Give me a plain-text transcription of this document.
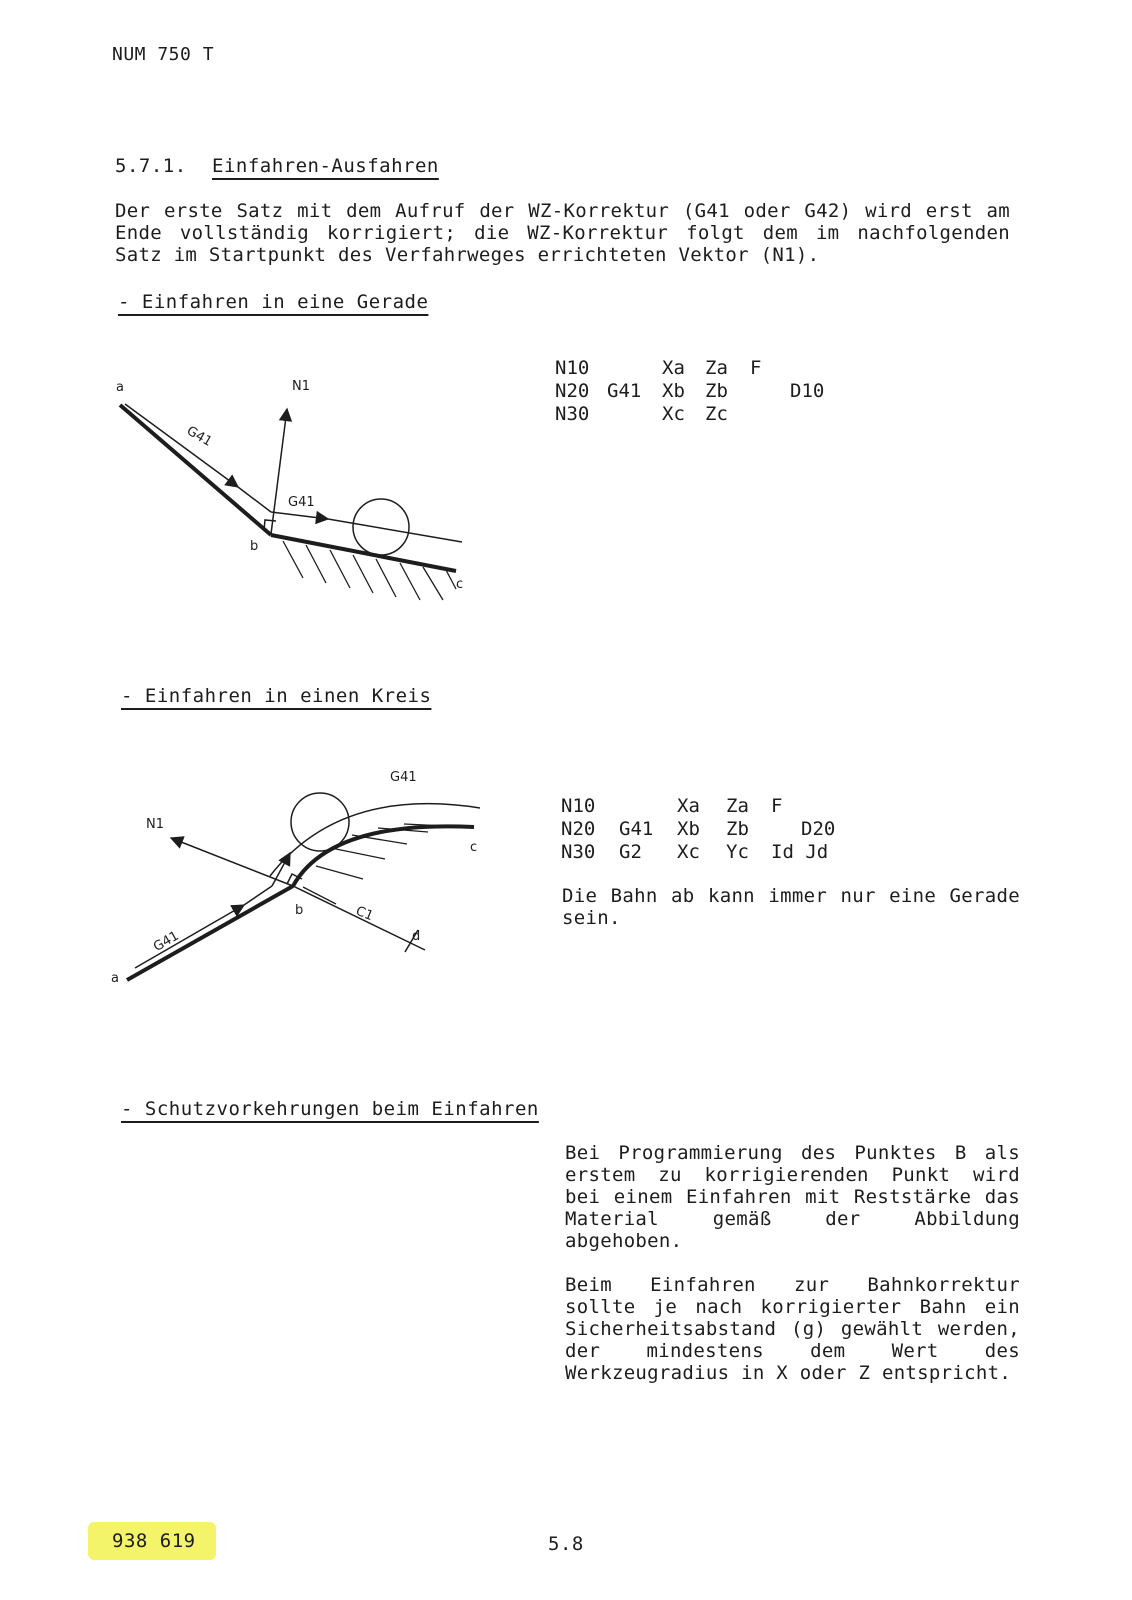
NUM 750 T
5.7.1. Einfahren-Ausfahren

Der erste Satz mit dem Aufruf der WZ-Korrektur (G41 oder G42) wird erst am Ende vollständig korrigiert; die WZ-Korrektur folgt dem im nachfolgenden Satz im Startpunkt des Verfahrweges errichteten Vektor (N1).

- Einfahren in eine Gerade
N10	Xa Za F
N20 G41 Xb Zb	D10
N30	Xc Zc
- Einfahren in einen Kreis
N10	Xa Za F
N20 G41 Xb Zb	D20
N30 G2 Xc Yc Id Jd

Die Bahn ab kann immer nur eine Gerade sein.

- Schutzvorkehrungen beim Einfahren

Bei Programmierung des Punktes B als erstem zu korrigierenden Punkt wird bei einem Einfahren mit Reststärke das Material gemäß der Abbildung abgehoben.

Beim Einfahren zur Bahnkorrektur sollte je nach korrigierter Bahn ein Sicherheitsabstand (g) gewählt werden, der mindestens dem Wert des Werkzeugradius in X oder Z entspricht.

938 619	5.8
a	N1
G41
G41
b
c
G41
N1
c
b	C1
d
G41
a
